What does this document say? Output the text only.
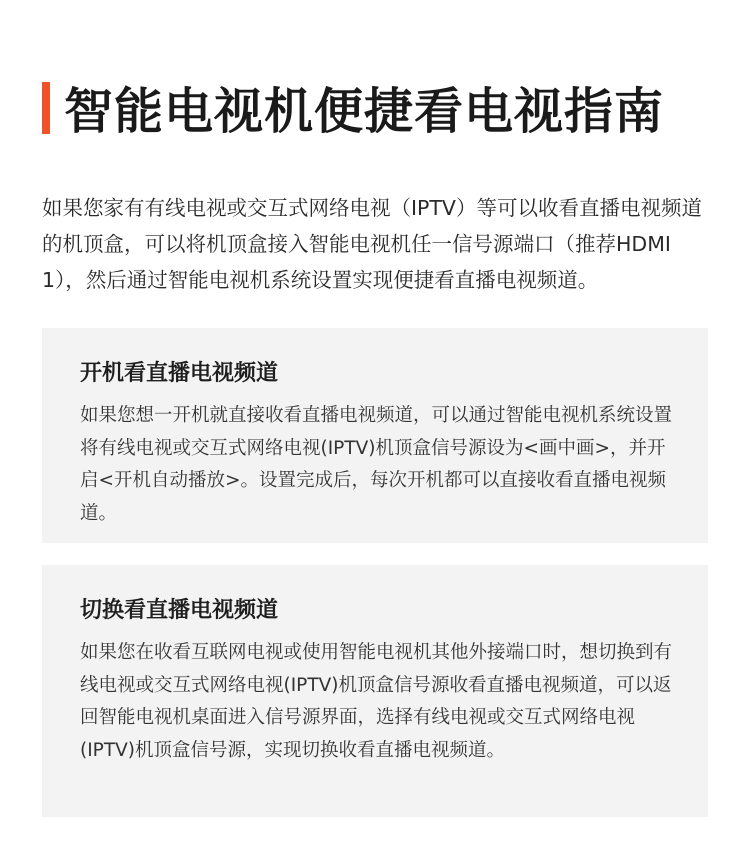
智能电视机便捷看电视指南
如果您家有有线电视或交互式网络电视（IPTV）等可以收看直播电视频道的机顶盒，可以将机顶盒接入智能电视机任一信号源端口（推荐HDMI 1），然后通过智能电视机系统设置实现便捷看直播电视频道。
开机看直播电视频道
如果您想一开机就直接收看直播电视频道，可以通过智能电视机系统设置将有线电视或交互式网络电视(IPTV)机顶盒信号源设为<画中画>，并开启<开机自动播放>。设置完成后，每次开机都可以直接收看直播电视频道。
切换看直播电视频道
如果您在收看互联网电视或使用智能电视机其他外接端口时，想切换到有线电视或交互式网络电视(IPTV)机顶盒信号源收看直播电视频道，可以返回智能电视机桌面进入信号源界面，选择有线电视或交互式网络电视(IPTV)机顶盒信号源，实现切换收看直播电视频道。
